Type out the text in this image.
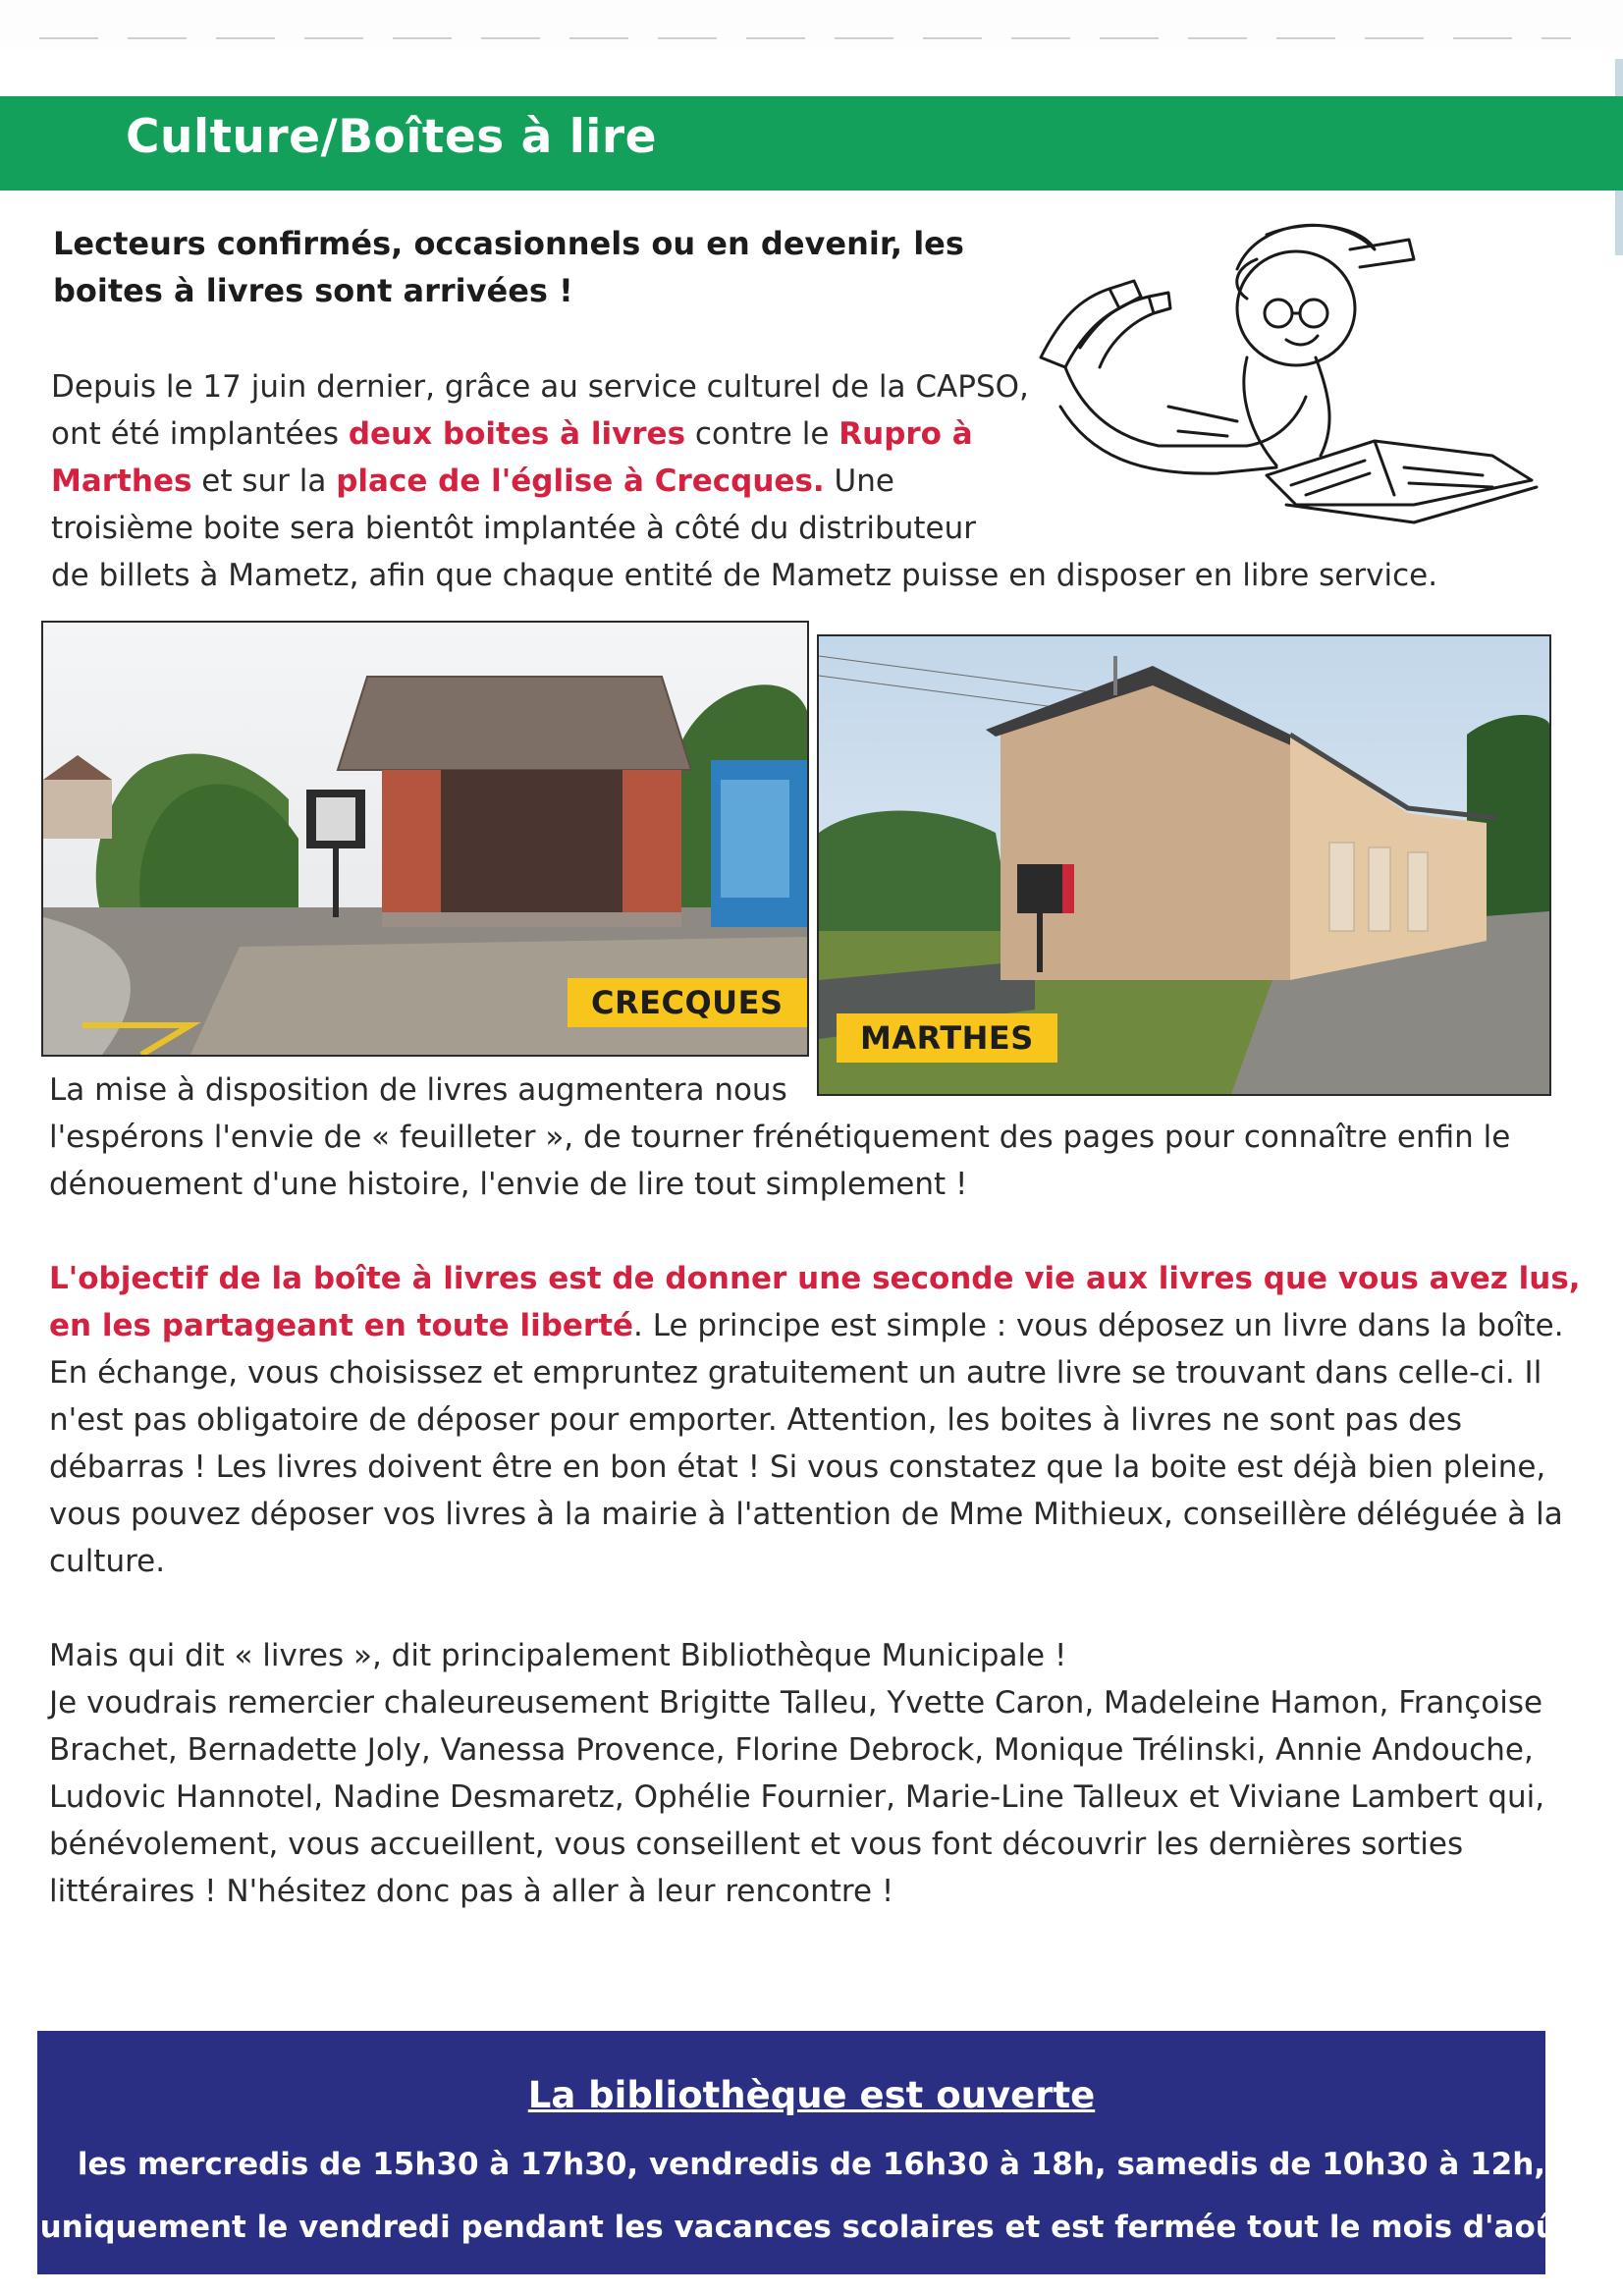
Culture/Boîtes à lire
Lecteurs confirmés, occasionnels ou en devenir, les boites à livres sont arrivées !
Depuis le 17 juin dernier, grâce au service culturel de la CAPSO, ont été implantées deux boites à livres contre le Rupro à Marthes et sur la place de l'église à Crecques. Une troisième boite sera bientôt implantée à côté du distributeur
de billets à Mametz, afin que chaque entité de Mametz puisse en disposer en libre service.
CRECQUES
MARTHES
La mise à disposition de livres augmentera nous
l'espérons l'envie de « feuilleter », de tourner frénétiquement des pages pour connaître enfin le dénouement d'une histoire, l'envie de lire tout simplement !
L'objectif de la boîte à livres est de donner une seconde vie aux livres que vous avez lus, en les partageant en toute liberté. Le principe est simple : vous déposez un livre dans la boîte. En échange, vous choisissez et empruntez gratuitement un autre livre se trouvant dans celle-ci. Il n'est pas obligatoire de déposer pour emporter. Attention, les boites à livres ne sont pas des débarras ! Les livres doivent être en bon état ! Si vous constatez que la boite est déjà bien pleine, vous pouvez déposer vos livres à la mairie à l'attention de Mme Mithieux, conseillère déléguée à la culture.
Mais qui dit « livres », dit principalement Bibliothèque Municipale !
Je voudrais remercier chaleureusement Brigitte Talleu, Yvette Caron, Madeleine Hamon, Françoise Brachet, Bernadette Joly, Vanessa Provence, Florine Debrock, Monique Trélinski, Annie Andouche, Ludovic Hannotel, Nadine Desmaretz, Ophélie Fournier, Marie-Line Talleux et Viviane Lambert qui, bénévolement, vous accueillent, vous conseillent et vous font découvrir les dernières sorties littéraires ! N'hésitez donc pas à aller à leur rencontre !
La bibliothèque est ouverte
les mercredis de 15h30 à 17h30, vendredis de 16h30 à 18h, samedis de 10h30 à 12h,
uniquement le vendredi pendant les vacances scolaires et est fermée tout le mois d'août.
